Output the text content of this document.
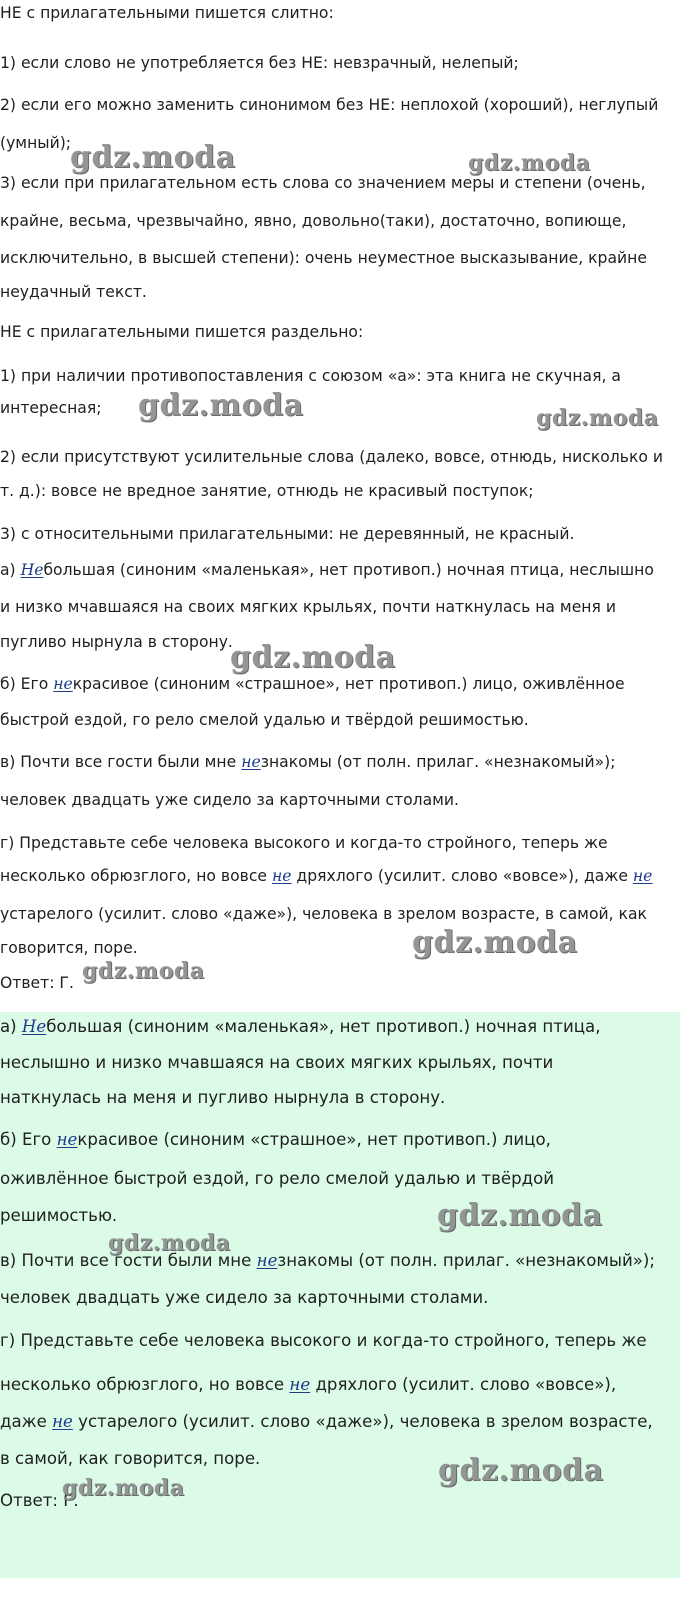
НЕ с прилагательными пишется слитно:
1) если слово не употребляется без НЕ: невзрачный, нелепый;
2) если его можно заменить синонимом без НЕ: неплохой (хороший), неглупый
(умный);
3) если при прилагательном есть слова со значением меры и степени (очень,
крайне, весьма, чрезвычайно, явно, довольно(таки), достаточно, вопиюще,
исключительно, в высшей степени): очень неуместное высказывание, крайне
неудачный текст.
НЕ с прилагательными пишется раздельно:
1) при наличии противопоставления с союзом «а»: эта книга не скучная, а
интересная;
2) если присутствуют усилительные слова (далеко, вовсе, отнюдь, нисколько и
т. д.): вовсе не вредное занятие, отнюдь не красивый поступок;
3) с относительными прилагательными: не деревянный, не красный.
а) Небольшая (синоним «маленькая», нет противоп.) ночная птица, неслышно
и низко мчавшаяся на своих мягких крыльях, почти наткнулась на меня и
пугливо нырнула в сторону.
б) Его некрасивое (синоним «страшное», нет противоп.) лицо, оживлённое
быстрой ездой, го рело смелой удалью и твёрдой решимостью.
в) Почти все гости были мне незнакомы (от полн. прилаг. «незнакомый»);
человек двадцать уже сидело за карточными столами.
г) Представьте себе человека высокого и когда-то стройного, теперь же
несколько обрюзглого, но вовсе не дряхлого (усилит. слово «вовсе»), даже не
устарелого (усилит. слово «даже»), человека в зрелом возрасте, в самой, как
говорится, поре.
Ответ: Г.
а) Небольшая (синоним «маленькая», нет противоп.) ночная птица,
неслышно и низко мчавшаяся на своих мягких крыльях, почти
наткнулась на меня и пугливо нырнула в сторону.
б) Его некрасивое (синоним «страшное», нет противоп.) лицо,
оживлённое быстрой ездой, го рело смелой удалью и твёрдой
решимостью.
в) Почти все гости были мне незнакомы (от полн. прилаг. «незнакомый»);
человек двадцать уже сидело за карточными столами.
г) Представьте себе человека высокого и когда-то стройного, теперь же
несколько обрюзглого, но вовсе не дряхлого (усилит. слово «вовсе»),
даже не устарелого (усилит. слово «даже»), человека в зрелом возрасте,
в самой, как говорится, поре.
Ответ: Г.
gdz.moda	gdz.moda
gdz.moda	gdz.moda
gdz.moda
gdz.moda
gdz.moda
gdz.moda
gdz.moda
gdz.moda
gdz.moda
